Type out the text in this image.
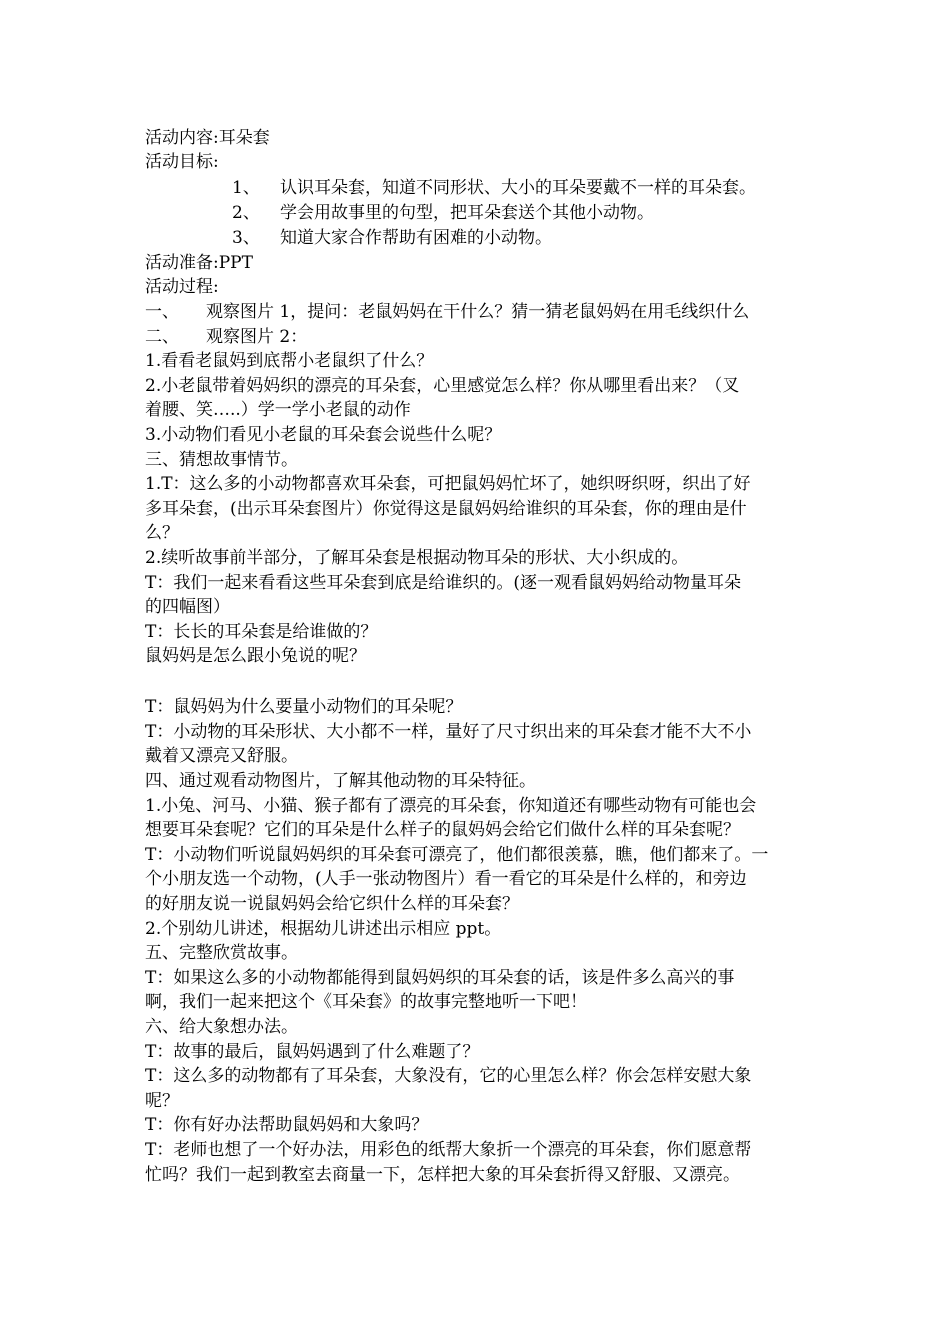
活动内容:耳朵套
活动目标:
1、 认识耳朵套，知道不同形状、大小的耳朵要戴不一样的耳朵套。
2、 学会用故事里的句型，把耳朵套送个其他小动物。
3、 知道大家合作帮助有困难的小动物。
活动准备:PPT
活动过程:
一、 观察图片 1，提问：老鼠妈妈在干什么？猜一猜老鼠妈妈在用毛线织什么
二、 观察图片 2：
1.看看老鼠妈到底帮小老鼠织了什么？
2.小老鼠带着妈妈织的漂亮的耳朵套，心里感觉怎么样？你从哪里看出来？（叉
着腰、笑…..）学一学小老鼠的动作
3.小动物们看见小老鼠的耳朵套会说些什么呢？
三、猜想故事情节。
1.T：这么多的小动物都喜欢耳朵套，可把鼠妈妈忙坏了，她织呀织呀，织出了好
多耳朵套，(出示耳朵套图片）你觉得这是鼠妈妈给谁织的耳朵套，你的理由是什
么？
2.续听故事前半部分，了解耳朵套是根据动物耳朵的形状、大小织成的。
T：我们一起来看看这些耳朵套到底是给谁织的。(逐一观看鼠妈妈给动物量耳朵
的四幅图）
T：长长的耳朵套是给谁做的？
鼠妈妈是怎么跟小兔说的呢？
T：鼠妈妈为什么要量小动物们的耳朵呢？
T：小动物的耳朵形状、大小都不一样，量好了尺寸织出来的耳朵套才能不大不小
戴着又漂亮又舒服。
四、通过观看动物图片，了解其他动物的耳朵特征。
1.小兔、河马、小猫、猴子都有了漂亮的耳朵套，你知道还有哪些动物有可能也会
想要耳朵套呢？它们的耳朵是什么样子的鼠妈妈会给它们做什么样的耳朵套呢？
T：小动物们听说鼠妈妈织的耳朵套可漂亮了，他们都很羡慕，瞧，他们都来了。一
个小朋友选一个动物，(人手一张动物图片）看一看它的耳朵是什么样的，和旁边
的好朋友说一说鼠妈妈会给它织什么样的耳朵套？
2.个别幼儿讲述，根据幼儿讲述出示相应 ppt。
五、完整欣赏故事。
T：如果这么多的小动物都能得到鼠妈妈织的耳朵套的话，该是件多么高兴的事
啊，我们一起来把这个《耳朵套》的故事完整地听一下吧！
六、给大象想办法。
T：故事的最后，鼠妈妈遇到了什么难题了？
T：这么多的动物都有了耳朵套，大象没有，它的心里怎么样？你会怎样安慰大象
呢？
T：你有好办法帮助鼠妈妈和大象吗？
T：老师也想了一个好办法，用彩色的纸帮大象折一个漂亮的耳朵套，你们愿意帮
忙吗？我们一起到教室去商量一下，怎样把大象的耳朵套折得又舒服、又漂亮。
